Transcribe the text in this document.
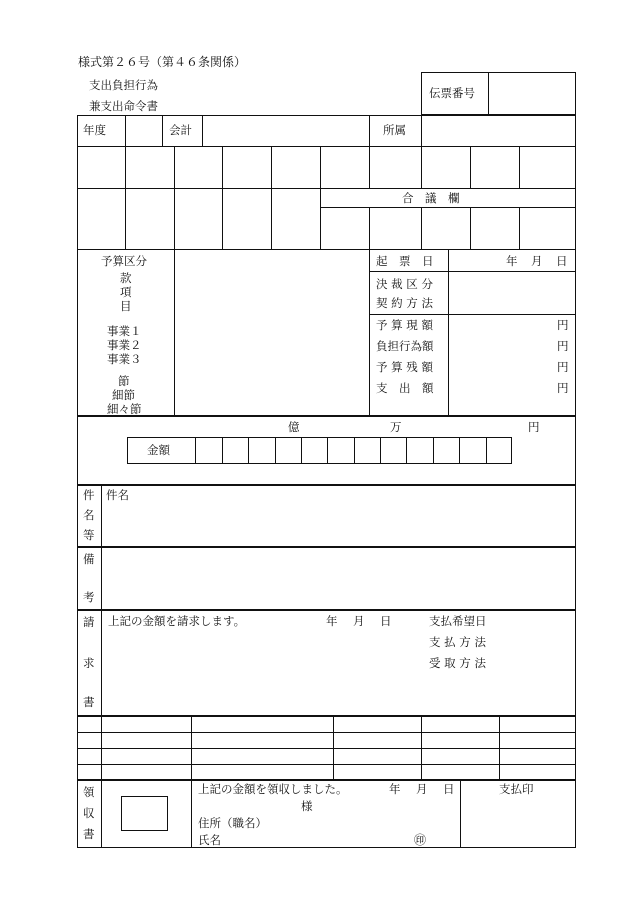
様式第２６号（第４６条関係）
支出負担行為
兼支出命令書
伝票番号
年度	会計	所属
合　議　欄
予算区分
款
項
目
事業１
事業２
事業３
節
細節
細々節
起　票　日	年　月　日
決 裁 区 分
契 約 方 法
予 算 現 額	円
負担行為額	円
予 算 残 額	円
支　出　額	円
億	万	円
金額
件
名
等
件名
備
考
請
求
書
上記の金額を請求します。	年　月　日	支払希望日
支 払 方 法
受 取 方 法
領
収
書
上記の金額を領収しました。	年　月　日
様
住所（職名）
氏名	㊞
支払印
